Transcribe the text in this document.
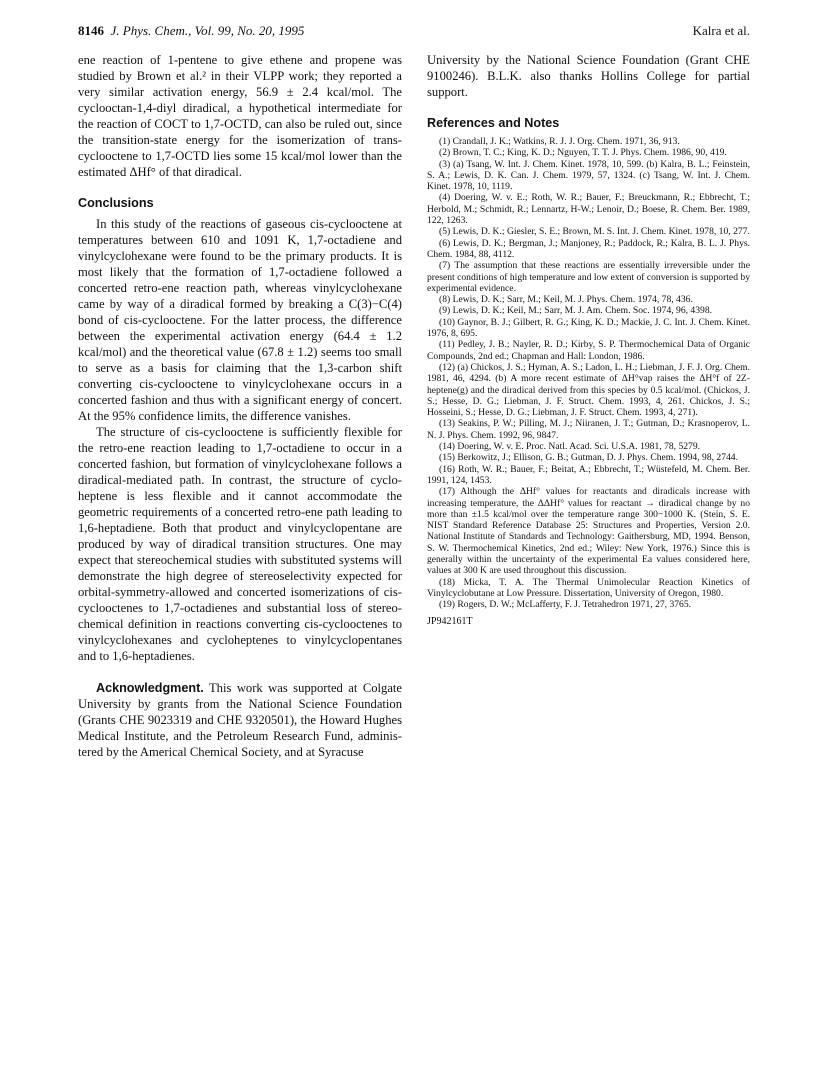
8146 J. Phys. Chem., Vol. 99, No. 20, 1995	Kalra et al.

ene reaction of 1-pentene to give ethene and propene was studied by Brown et al.² in their VLPP work; they reported a very similar activation energy, 56.9 ± 2.4 kcal/mol. The cyclooctan-1,4-diyl diradical, a hypothetical intermediate for the reaction of COCT to 1,7-OCTD, can also be ruled out, since the transition-state energy for the isomerization of trans-cyclooctene to 1,7-OCTD lies some 15 kcal/mol lower than the estimated ΔHf° of that diradical.

Conclusions

In this study of the reactions of gaseous cis-cyclooctene at temperatures between 610 and 1091 K, 1,7-octadiene and vinylcyclohexane were found to be the primary products. It is most likely that the formation of 1,7-octadiene followed a concerted retro-ene reaction path, whereas vinylcyclohexane came by way of a diradical formed by breaking a C(3)−C(4) bond of cis-cyclooctene. For the latter process, the difference between the experimental activation energy (64.4 ± 1.2 kcal/mol) and the theoretical value (67.8 ± 1.2) seems too small to serve as a basis for claiming that the 1,3-carbon shift converting cis-cyclooctene to vinylcyclohexane occurs in a concerted fashion and thus with a significant energy of concert. At the 95% confidence limits, the difference vanishes.

The structure of cis-cyclooctene is sufficiently flexible for the retro-ene reaction leading to 1,7-octadiene to occur in a concerted fashion, but formation of vinylcyclohexane follows a diradical-mediated path. In contrast, the structure of cyclo-heptene is less flexible and it cannot accommodate the geometric requirements of a concerted retro-ene path leading to 1,6-heptadiene. Both that product and vinylcyclopentane are produced by way of diradical transition structures. One may expect that stereochemical studies with substituted systems will demonstrate the high degree of stereoselectivity expected for orbital-symmetry-allowed and concerted isomerizations of cis-cyclooctenes to 1,7-octadienes and substantial loss of stereo-chemical definition in reactions converting cis-cyclooctenes to vinylcyclohexanes and cycloheptenes to vinylcyclopentanes and to 1,6-heptadienes.

Acknowledgment. This work was supported at Colgate University by grants from the National Science Foundation (Grants CHE 9023319 and CHE 9320501), the Howard Hughes Medical Institute, and the Petroleum Research Fund, adminis-tered by the Americal Chemical Society, and at Syracuse

University by the National Science Foundation (Grant CHE 9100246). B.L.K. also thanks Hollins College for partial support.

References and Notes
(1) Crandall, J. K.; Watkins, R. J. J. Org. Chem. 1971, 36, 913.
(2) Brown, T. C.; King, K. D.; Nguyen, T. T. J. Phys. Chem. 1986, 90, 419.
(3) (a) Tsang, W. Int. J. Chem. Kinet. 1978, 10, 599. (b) Kalra, B. L.; Feinstein, S. A.; Lewis, D. K. Can. J. Chem. 1979, 57, 1324. (c) Tsang, W. Int. J. Chem. Kinet. 1978, 10, 1119.
(4) Doering, W. v. E.; Roth, W. R.; Bauer, F.; Breuckmann, R.; Ebbrecht, T.; Herbold, M.; Schmidt, R.; Lennartz, H-W.; Lenoir, D.; Boese, R. Chem. Ber. 1989, 122, 1263.
(5) Lewis, D. K.; Giesler, S. E.; Brown, M. S. Int. J. Chem. Kinet. 1978, 10, 277.
(6) Lewis, D. K.; Bergman, J.; Manjoney, R.; Paddock, R.; Kalra, B. L. J. Phys. Chem. 1984, 88, 4112.
(7) The assumption that these reactions are essentially irreversible under the present conditions of high temperature and low extent of conversion is supported by experimental evidence.
(8) Lewis, D. K.; Sarr, M.; Keil, M. J. Phys. Chem. 1974, 78, 436.
(9) Lewis, D. K.; Keil, M.; Sarr, M. J. Am. Chem. Soc. 1974, 96, 4398.
(10) Gaynor, B. J.; Gilbert, R. G.; King, K. D.; Mackie, J. C. Int. J. Chem. Kinet. 1976, 8, 695.
(11) Pedley, J. B.; Nayler, R. D.; Kirby, S. P. Thermochemical Data of Organic Compounds, 2nd ed.; Chapman and Hall: London, 1986.
(12) (a) Chickos, J. S.; Hyman, A. S.; Ladon, L. H.; Liebman, J. F. J. Org. Chem. 1981, 46, 4294. (b) A more recent estimate of ΔH°vap raises the ΔH°f of 2Z-heptene(g) and the diradical derived from this species by 0.5 kcal/mol. (Chickos, J. S.; Hesse, D. G.; Liebman, J. F. Struct. Chem. 1993, 4, 261. Chickos, J. S.; Hosseini, S.; Hesse, D. G.; Liebman, J. F. Struct. Chem. 1993, 4, 271).
(13) Seakins, P. W.; Pilling, M. J.; Niiranen, J. T.; Gutman, D.; Krasnoperov, L. N. J. Phys. Chem. 1992, 96, 9847.
(14) Doering, W. v. E. Proc. Natl. Acad. Sci. U.S.A. 1981, 78, 5279.
(15) Berkowitz, J.; Ellison, G. B.; Gutman, D. J. Phys. Chem. 1994, 98, 2744.
(16) Roth, W. R.; Bauer, F.; Beitat, A.; Ebbrecht, T.; Wüstefeld, M. Chem. Ber. 1991, 124, 1453.
(17) Although the ΔHf° values for reactants and diradicals increase with increasing temperature, the ΔΔHf° values for reactant → diradical change by no more than ±1.5 kcal/mol over the temperature range 300−1000 K. (Stein, S. E. NIST Standard Reference Database 25: Structures and Properties, Version 2.0. National Institute of Standards and Technology: Gaithersburg, MD, 1994. Benson, S. W. Thermochemical Kinetics, 2nd ed.; Wiley: New York, 1976.) Since this is generally within the uncertainty of the experimental Ea values considered here, values at 300 K are used throughout this discussion.
(18) Micka, T. A. The Thermal Unimolecular Reaction Kinetics of Vinylcyclobutane at Low Pressure. Dissertation, University of Oregon, 1980.
(19) Rogers, D. W.; McLafferty, F. J. Tetrahedron 1971, 27, 3765.
JP942161T
